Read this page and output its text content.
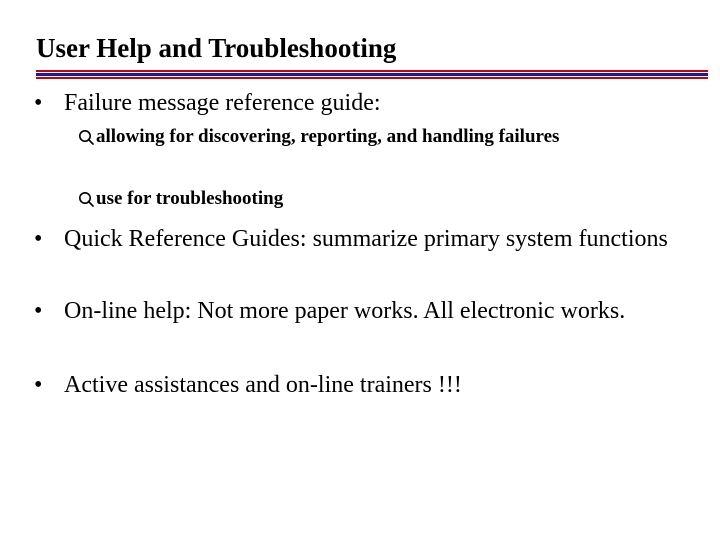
User Help and Troubleshooting
• Failure message reference guide:
allowing for discovering, reporting, and handling failures
use for troubleshooting
• Quick Reference Guides: summarize primary system functions
• On-line help: Not more paper works. All electronic works.
• Active assistances and on-line trainers !!!
